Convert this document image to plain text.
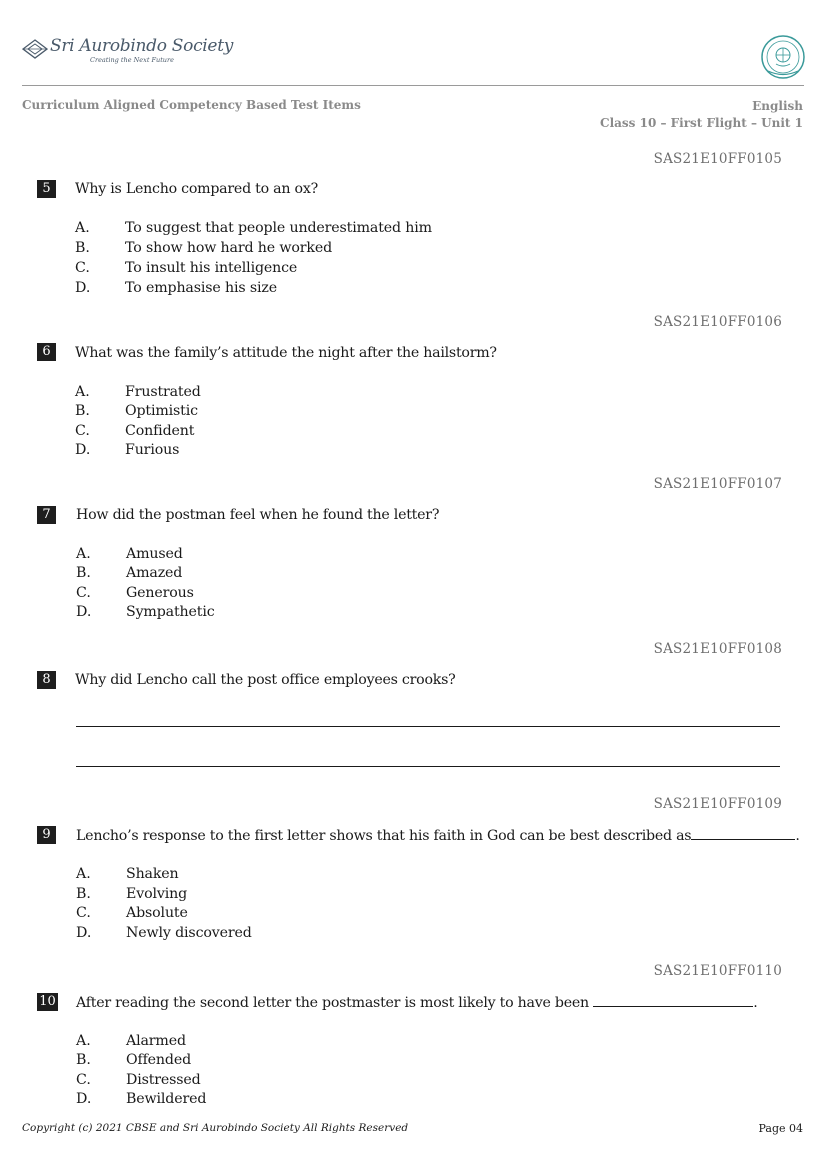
Sri Aurobindo Society
Creating the Next Future
Curriculum Aligned Competency Based Test Items	English
Class 10 – First Flight – Unit 1
SAS21E10FF0105
5	Why is Lencho compared to an ox?
A. To suggest that people underestimated him
B. To show how hard he worked
C. To insult his intelligence
D. To emphasise his size
SAS21E10FF0106
6	What was the family’s attitude the night after the hailstorm?
A. Frustrated
B. Optimistic
C. Confident
D. Furious
SAS21E10FF0107
7	How did the postman feel when he found the letter?
A. Amused
B. Amazed
C. Generous
D. Sympathetic
SAS21E10FF0108
8	Why did Lencho call the post office employees crooks?
SAS21E10FF0109
9	Lencho’s response to the first letter shows that his faith in God can be best described as	.
A. Shaken
B. Evolving
C. Absolute
D. Newly discovered
SAS21E10FF0110
10 After reading the second letter the postmaster is most likely to have been	.
A. Alarmed
B. Offended
C. Distressed
D. Bewildered
Copyright (c) 2021 CBSE and Sri Aurobindo Society All Rights Reserved	Page 04
